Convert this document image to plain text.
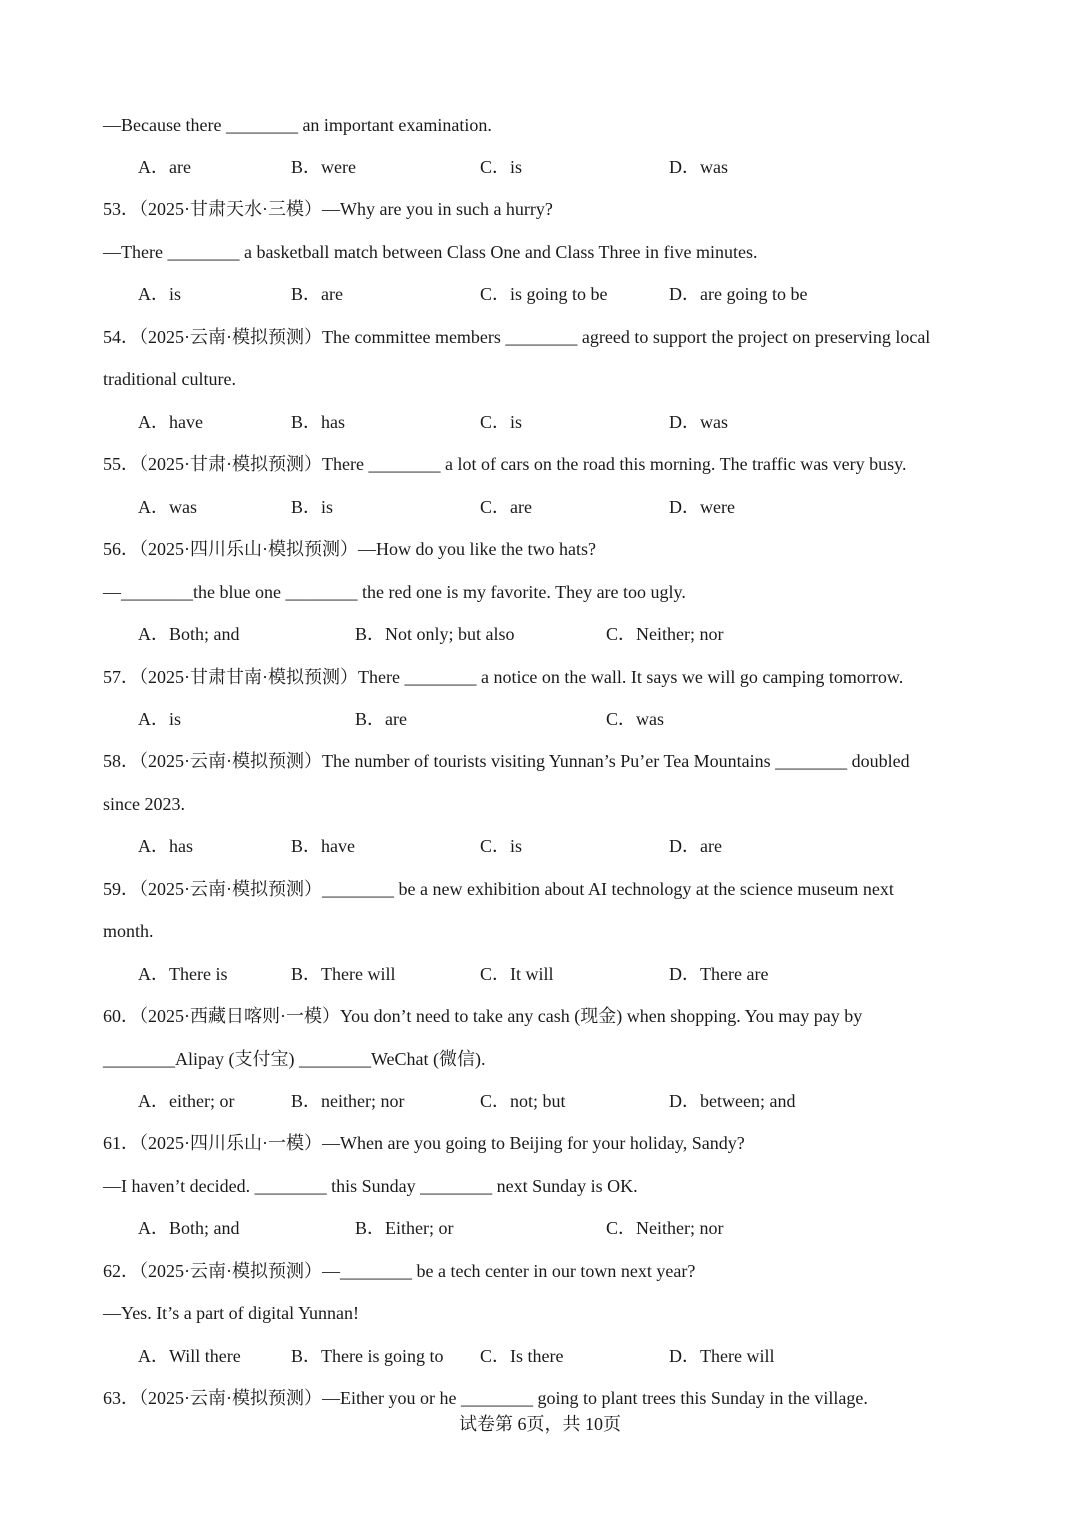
—Because there ________ an important examination.
A．are	B．were	C．is	D．was
53．（2025·甘肃天水·三模）—Why are you in such a hurry?
—There ________ a basketball match between Class One and Class Three in five minutes.
A．is	B．are	C．is going to be	D．are going to be
54．（2025·云南·模拟预测）The committee members ________ agreed to support the project on preserving local
traditional culture.
A．have	B．has	C．is	D．was
55．（2025·甘肃·模拟预测）There ________ a lot of cars on the road this morning. The traffic was very busy.
A．was	B．is	C．are	D．were
56．（2025·四川乐山·模拟预测）—How do you like the two hats?
—________the blue one ________ the red one is my favorite. They are too ugly.
A．Both; and	B．Not only; but also	C．Neither; nor
57．（2025·甘肃甘南·模拟预测）There ________ a notice on the wall. It says we will go camping tomorrow.
A．is	B．are	C．was
58．（2025·云南·模拟预测）The number of tourists visiting Yunnan’s Pu’er Tea Mountains ________ doubled
since 2023.
A．has	B．have	C．is	D．are
59．（2025·云南·模拟预测）________ be a new exhibition about AI technology at the science museum next
month.
A．There is	B．There will	C．It will	D．There are
60．（2025·西藏日喀则·一模）You don’t need to take any cash (现金) when shopping. You may pay by
________Alipay (支付宝) ________WeChat (微信).
A．either; or	B．neither; nor	C．not; but	D．between; and
61．（2025·四川乐山·一模）—When are you going to Beijing for your holiday, Sandy?
—I haven’t decided. ________ this Sunday ________ next Sunday is OK.
A．Both; and	B．Either; or	C．Neither; nor
62．（2025·云南·模拟预测）—________ be a tech center in our town next year?
—Yes. It’s a part of digital Yunnan!
A．Will there	B．There is going to C．Is there	D．There will
63．（2025·云南·模拟预测）—Either you or he ________ going to plant trees this Sunday in the village.
试卷第 6页，共 10页
